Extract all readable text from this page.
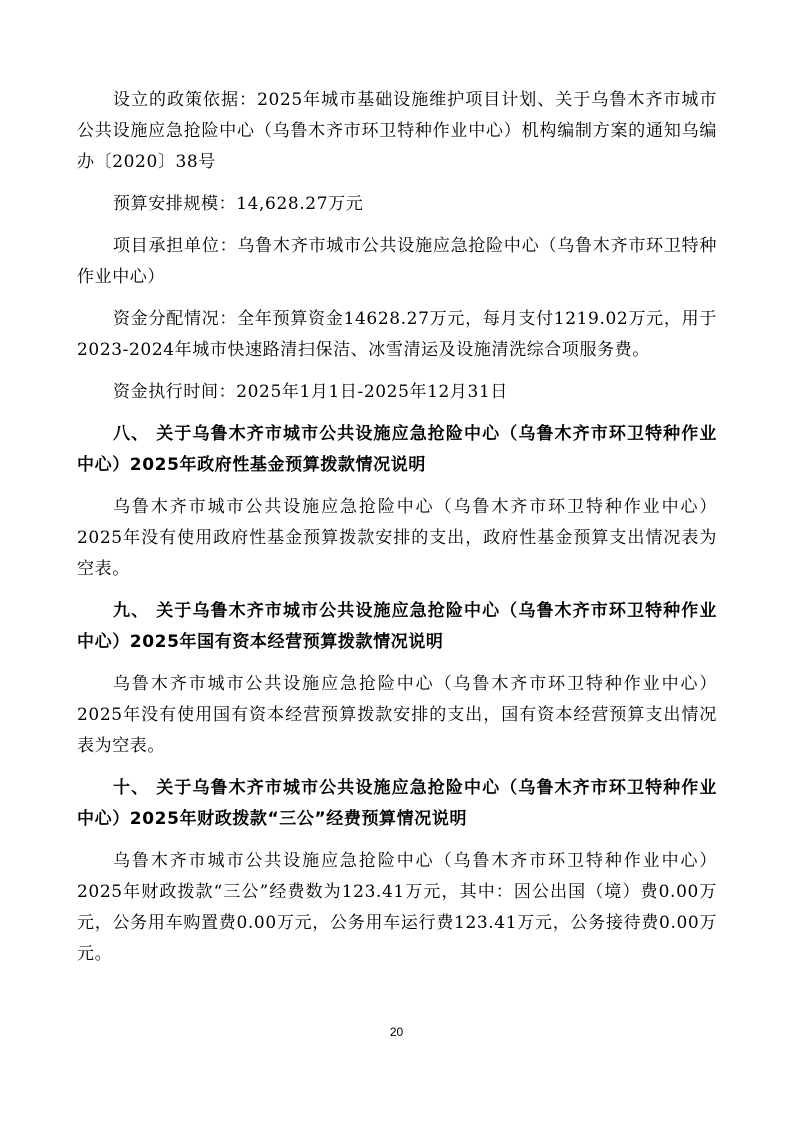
设立的政策依据：2025年城市基础设施维护项目计划、关于乌鲁木齐市城市公共设施应急抢险中心（乌鲁木齐市环卫特种作业中心）机构编制方案的通知乌编办〔2020〕38号

预算安排规模：14,628.27万元

项目承担单位：乌鲁木齐市城市公共设施应急抢险中心（乌鲁木齐市环卫特种作业中心）

资金分配情况：全年预算资金14628.27万元，每月支付1219.02万元，用于2023-2024年城市快速路清扫保洁、冰雪清运及设施清洗综合项服务费。

资金执行时间：2025年1月1日-2025年12月31日

八、 关于乌鲁木齐市城市公共设施应急抢险中心（乌鲁木齐市环卫特种作业中心）2025年政府性基金预算拨款情况说明

乌鲁木齐市城市公共设施应急抢险中心（乌鲁木齐市环卫特种作业中心）2025年没有使用政府性基金预算拨款安排的支出，政府性基金预算支出情况表为空表。

九、 关于乌鲁木齐市城市公共设施应急抢险中心（乌鲁木齐市环卫特种作业中心）2025年国有资本经营预算拨款情况说明

乌鲁木齐市城市公共设施应急抢险中心（乌鲁木齐市环卫特种作业中心）2025年没有使用国有资本经营预算拨款安排的支出，国有资本经营预算支出情况表为空表。

十、 关于乌鲁木齐市城市公共设施应急抢险中心（乌鲁木齐市环卫特种作业中心）2025年财政拨款“三公”经费预算情况说明

乌鲁木齐市城市公共设施应急抢险中心（乌鲁木齐市环卫特种作业中心）2025年财政拨款“三公”经费数为123.41万元，其中：因公出国（境）费0.00万元，公务用车购置费0.00万元，公务用车运行费123.41万元，公务接待费0.00万元。

20
